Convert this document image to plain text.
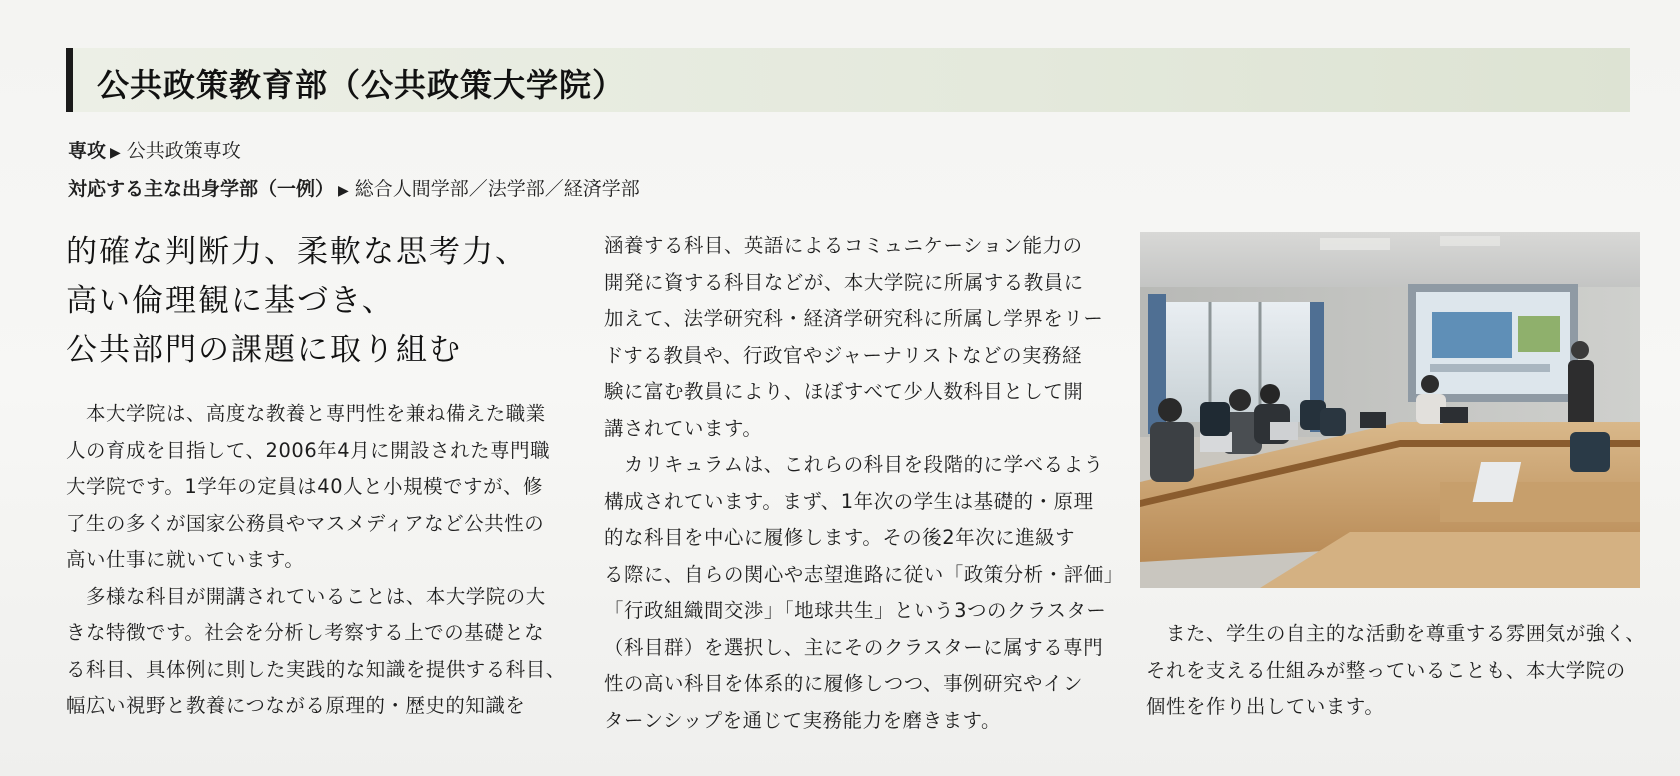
公共政策教育部（公共政策大学院）
専攻 ▶ 公共政策専攻
対応する主な出身学部（一例） ▶ 総合人間学部／法学部／経済学部
的確な判断力、柔軟な思考力、
高い倫理観に基づき、
公共部門の課題に取り組む
　本大学院は、高度な教養と専門性を兼ね備えた職業
人の育成を目指して、2006年4月に開設された専門職
大学院です。1学年の定員は40人と小規模ですが、修
了生の多くが国家公務員やマスメディアなど公共性の
高い仕事に就いています。
　多様な科目が開講されていることは、本大学院の大
きな特徴です。社会を分析し考察する上での基礎とな
る科目、具体例に則した実践的な知識を提供する科目、
幅広い視野と教養につながる原理的・歴史的知識を
涵養する科目、英語によるコミュニケーション能力の
開発に資する科目などが、本大学院に所属する教員に
加えて、法学研究科・経済学研究科に所属し学界をリー
ドする教員や、行政官やジャーナリストなどの実務経
験に富む教員により、ほぼすべて少人数科目として開
講されています。
　カリキュラムは、これらの科目を段階的に学べるよう
構成されています。まず、1年次の学生は基礎的・原理
的な科目を中心に履修します。その後2年次に進級す
る際に、自らの関心や志望進路に従い「政策分析・評価」
「行政組織間交渉」「地球共生」という3つのクラスター
（科目群）を選択し、主にそのクラスターに属する専門
性の高い科目を体系的に履修しつつ、事例研究やイン
ターンシップを通じて実務能力を磨きます。
　また、学生の自主的な活動を尊重する雰囲気が強く、
それを支える仕組みが整っていることも、本大学院の
個性を作り出しています。
